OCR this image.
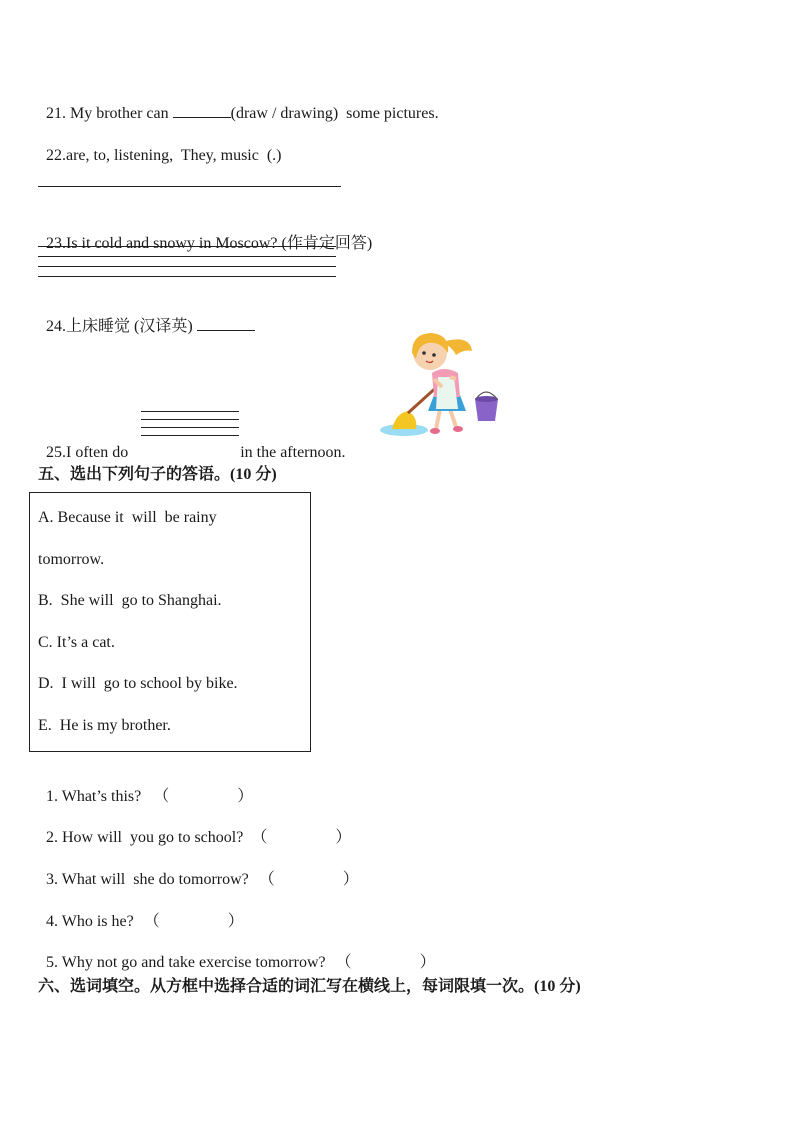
21. My brother can	(draw / drawing)  some pictures.

22.are, to, listening,  They, music  (.)

23.Is it cold and snowy in Moscow? (作肯定回答)

24.上床睡觉 (汉译英)

25.I often do	in the afternoon.

五、选出下列句子的答语。(10 分)
A. Because it  will  be rainy
tomorrow.
B.  She will  go to Shanghai.
C. It’s a cat.
D.  I will  go to school by bike.
E.  He is my brother.

1. What’s this? （	）

2. How will  you go to school? （	）

3. What will  she do tomorrow? （	）

4. Who is he? （	）

5. Why not go and take exercise tomorrow? （	）

六、选词填空。从方框中选择合适的词汇写在横线上，每词限填一次。(10 分)
